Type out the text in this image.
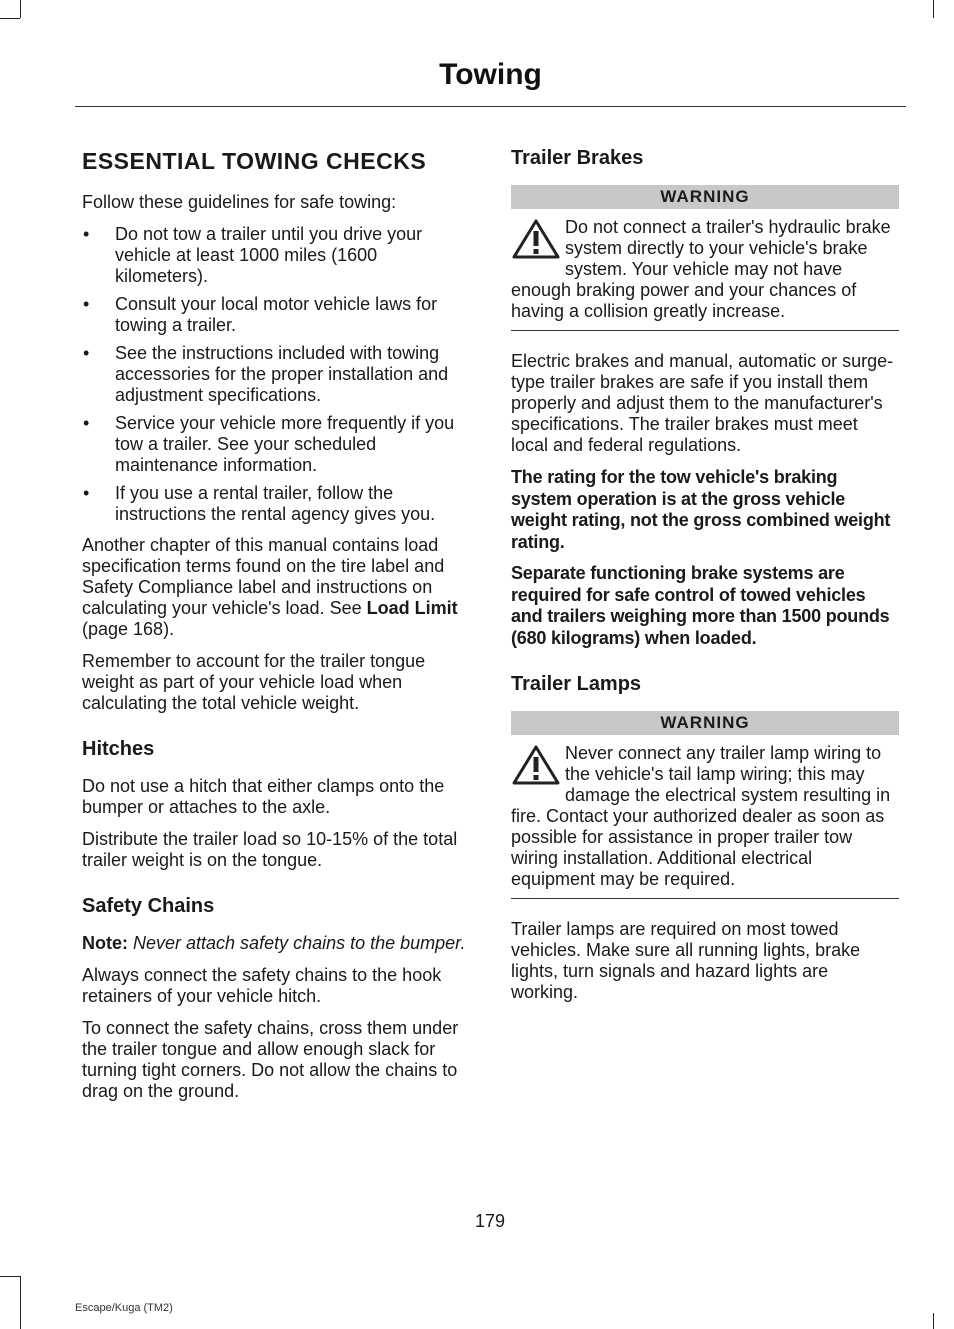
Towing
ESSENTIAL TOWING CHECKS

Follow these guidelines for safe towing:

• Do not tow a trailer until you drive your vehicle at least 1000 miles (1600 kilometers).
• Consult your local motor vehicle laws for towing a trailer.
• See the instructions included with towing accessories for the proper installation and adjustment specifications.
• Service your vehicle more frequently if you tow a trailer. See your scheduled maintenance information.
• If you use a rental trailer, follow the instructions the rental agency gives you.

Another chapter of this manual contains load specification terms found on the tire label and Safety Compliance label and instructions on calculating your vehicle's load. See Load Limit (page 168).

Remember to account for the trailer tongue weight as part of your vehicle load when calculating the total vehicle weight.

Hitches

Do not use a hitch that either clamps onto the bumper or attaches to the axle.

Distribute the trailer load so 10-15% of the total trailer weight is on the tongue.

Safety Chains

Note: Never attach safety chains to the bumper.

Always connect the safety chains to the hook retainers of your vehicle hitch.

To connect the safety chains, cross them under the trailer tongue and allow enough slack for turning tight corners. Do not allow the chains to drag on the ground.

Trailer Brakes
WARNING

Do not connect a trailer's hydraulic brake system directly to your vehicle's brake system. Your vehicle may not have enough braking power and your chances of having a collision greatly increase.

Electric brakes and manual, automatic or surge-type trailer brakes are safe if you install them properly and adjust them to the manufacturer's specifications. The trailer brakes must meet local and federal regulations.

The rating for the tow vehicle's braking system operation is at the gross vehicle weight rating, not the gross combined weight rating.

Separate functioning brake systems are required for safe control of towed vehicles and trailers weighing more than 1500 pounds (680 kilograms) when loaded.

Trailer Lamps
WARNING

Never connect any trailer lamp wiring to the vehicle's tail lamp wiring; this may damage the electrical system resulting in fire. Contact your authorized dealer as soon as possible for assistance in proper trailer tow wiring installation. Additional electrical equipment may be required.

Trailer lamps are required on most towed vehicles. Make sure all running lights, brake lights, turn signals and hazard lights are working.

179
Escape/Kuga (TM2)
